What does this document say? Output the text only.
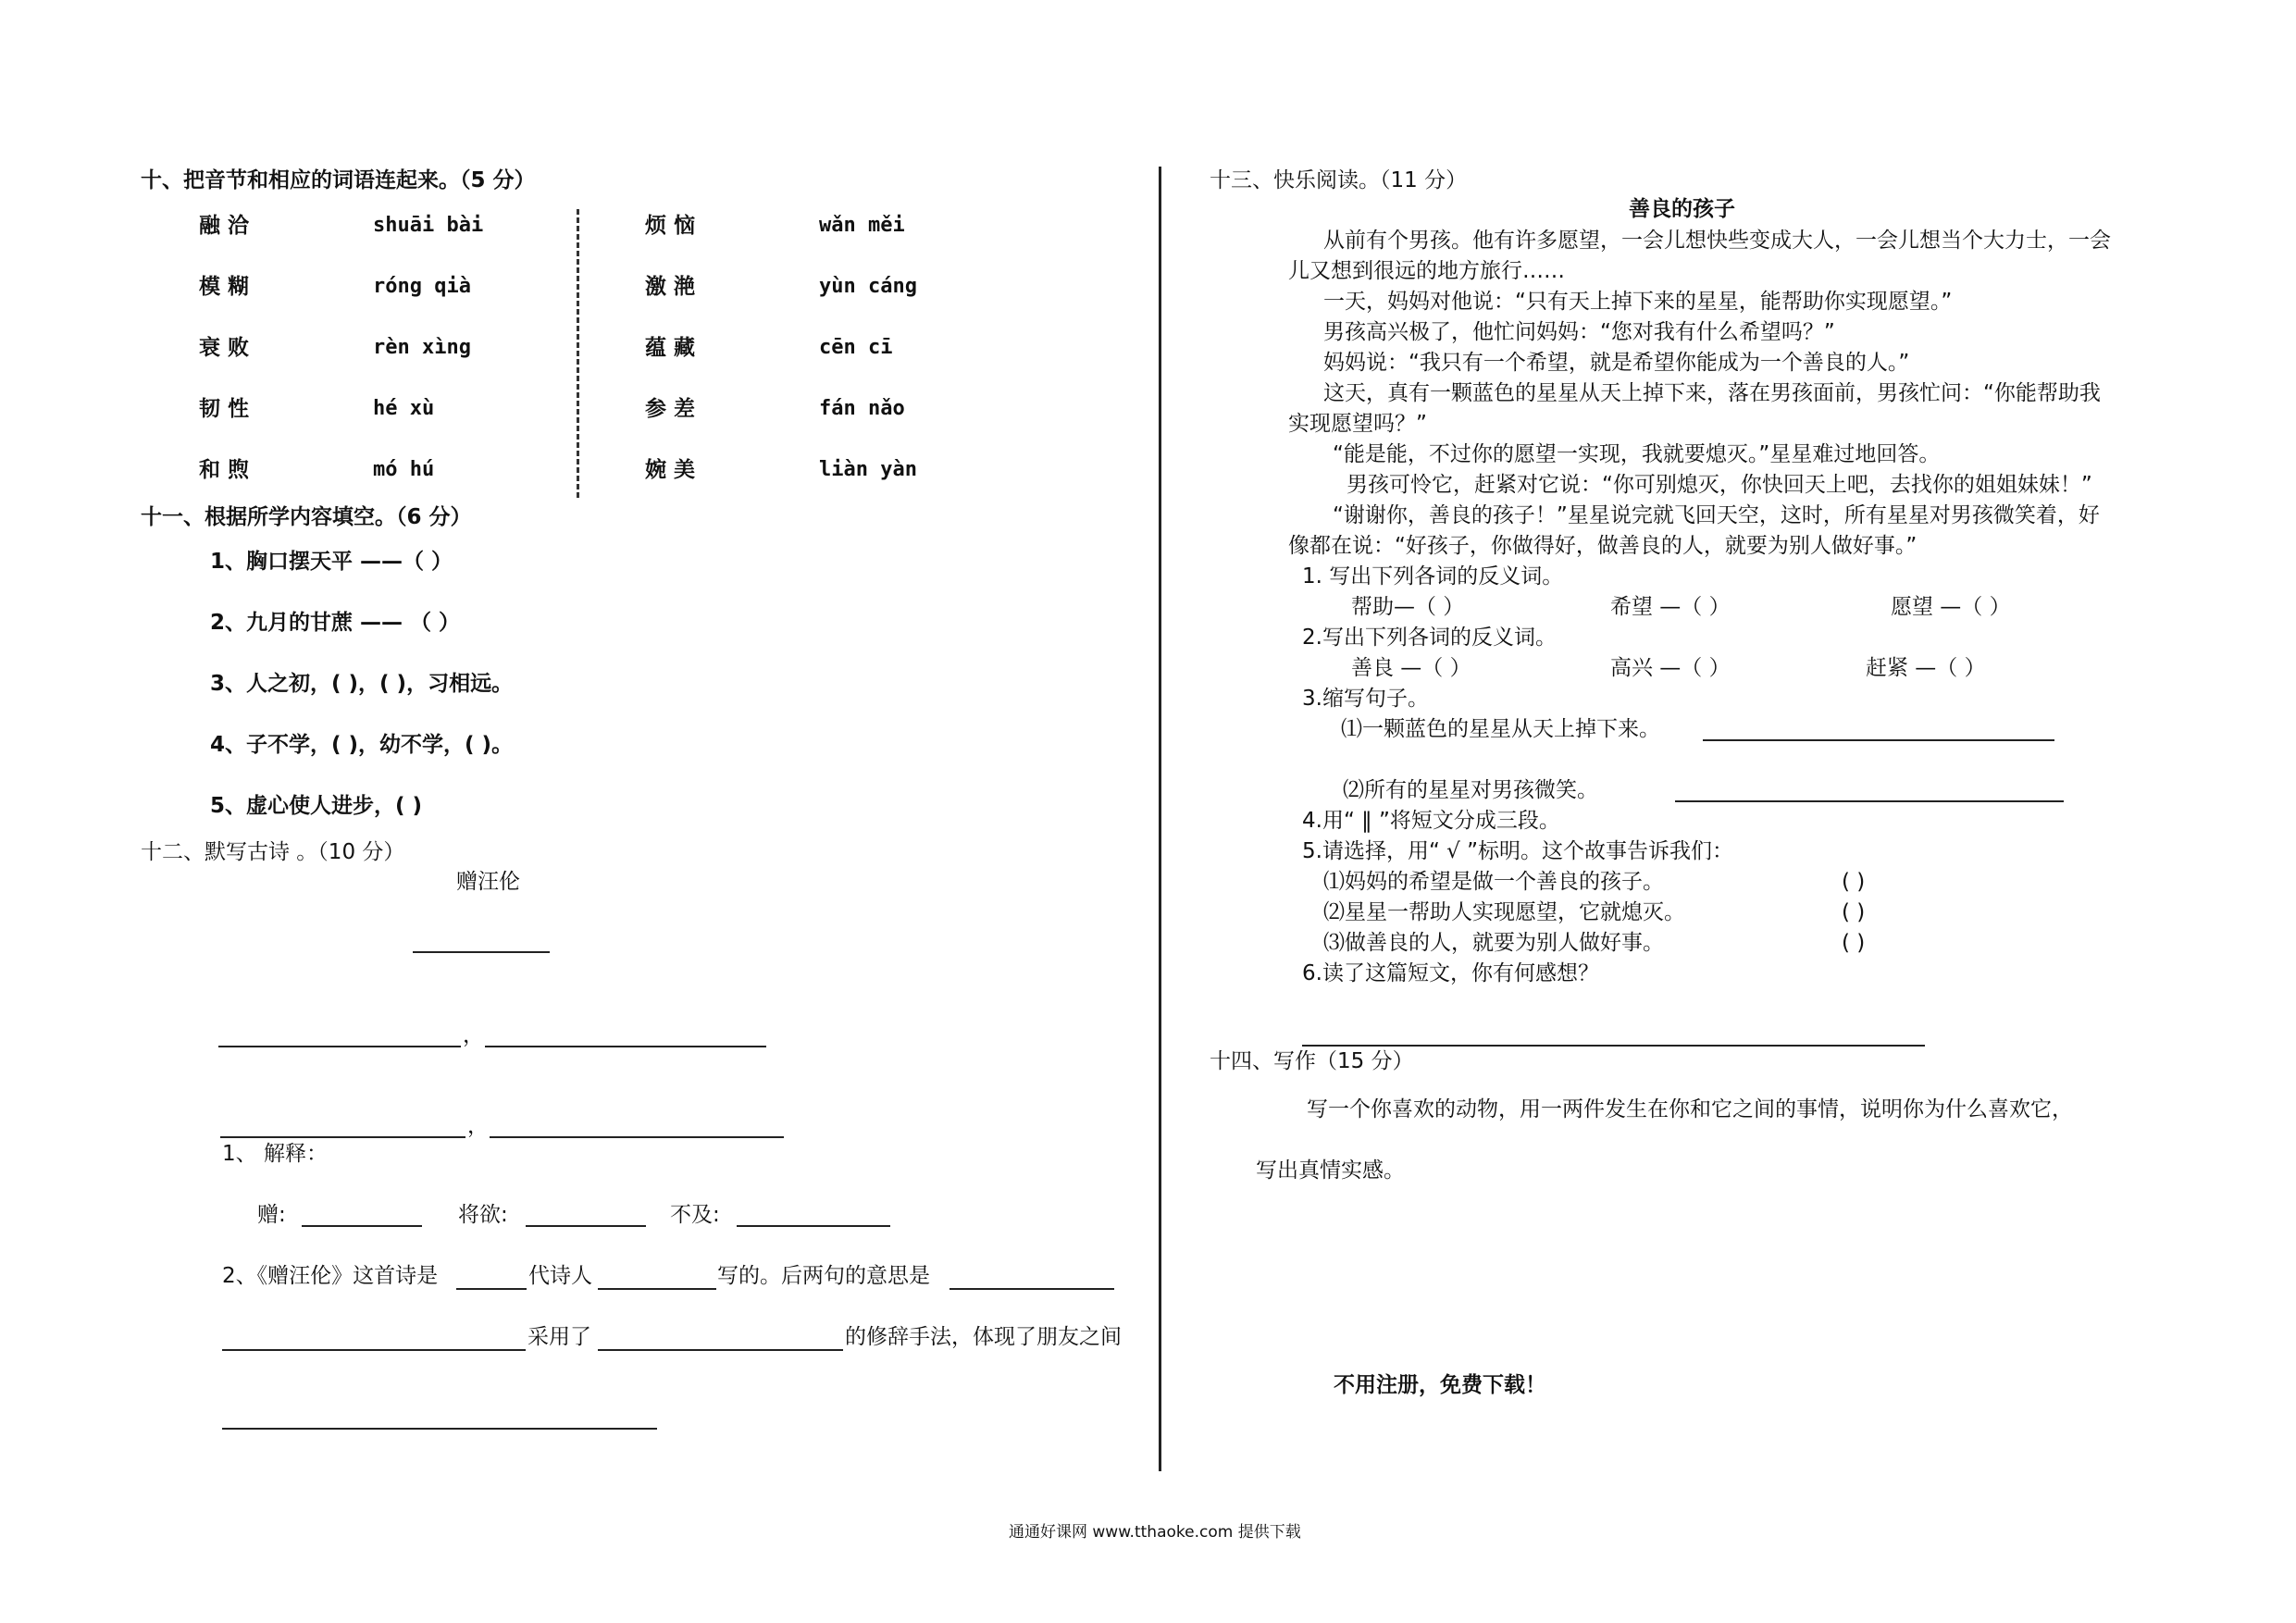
十、把音节和相应的词语连起来。（5 分）
融 洽	shuāi bài
模 糊	róng qià
衰 败	rèn xìng
韧 性	hé xù
和 煦	mó hú
烦 恼	wǎn měi
激 滟	yùn cáng
蕴 藏	cēn cī
参 差	fán nǎo
婉 美	liàn yàn
十一、根据所学内容填空。（6 分）
1、胸口摆天平 ——（ ）
2、九月的甘蔗 —— （ ）
3、人之初，( )，( )，习相远。
4、子不学，( )，幼不学，( )。
5、虚心使人进步，( )
十二、默写古诗 。（10 分）
赠汪伦
，
，
1、 解释：
赠:	将欲:	不及:
2、《赠汪伦》这首诗是	代诗人	写的。后两句的意思是
采用了	的修辞手法，体现了朋友之间
十三、快乐阅读。（11 分）
善良的孩子
从前有个男孩。他有许多愿望，一会儿想快些变成大人，一会儿想当个大力士，一会
儿又想到很远的地方旅行……
一天，妈妈对他说：“只有天上掉下来的星星，能帮助你实现愿望。”
男孩高兴极了，他忙问妈妈：“您对我有什么希望吗？”
妈妈说：“我只有一个希望，就是希望你能成为一个善良的人。”
这天，真有一颗蓝色的星星从天上掉下来，落在男孩面前，男孩忙问：“你能帮助我
实现愿望吗？”
“能是能，不过你的愿望一实现，我就要熄灭。”星星难过地回答。
男孩可怜它，赶紧对它说：“你可别熄灭，你快回天上吧，去找你的姐姐妹妹！”
“谢谢你，善良的孩子！”星星说完就飞回天空，这时，所有星星对男孩微笑着，好
像都在说：“好孩子，你做得好，做善良的人，就要为别人做好事。”
1. 写出下列各词的反义词。
帮助—（ ）	希望 —（ ）	愿望 —（ ）
2.写出下列各词的反义词。
善良 —（ ）	高兴 —（ ）	赶紧 —（ ）
3.缩写句子。
⑴一颗蓝色的星星从天上掉下来。
⑵所有的星星对男孩微笑。
4.用“ ‖ ”将短文分成三段。
5.请选择，用“ √ ”标明。这个故事告诉我们：
⑴妈妈的希望是做一个善良的孩子。	( )
⑵星星一帮助人实现愿望，它就熄灭。	( )
⑶做善良的人，就要为别人做好事。	( )
6.读了这篇短文，你有何感想？
十四、写作（15 分）
写一个你喜欢的动物，用一两件发生在你和它之间的事情，说明你为什么喜欢它，
写出真情实感。
不用注册，免费下载！
通通好课网 www.tthaoke.com 提供下载
